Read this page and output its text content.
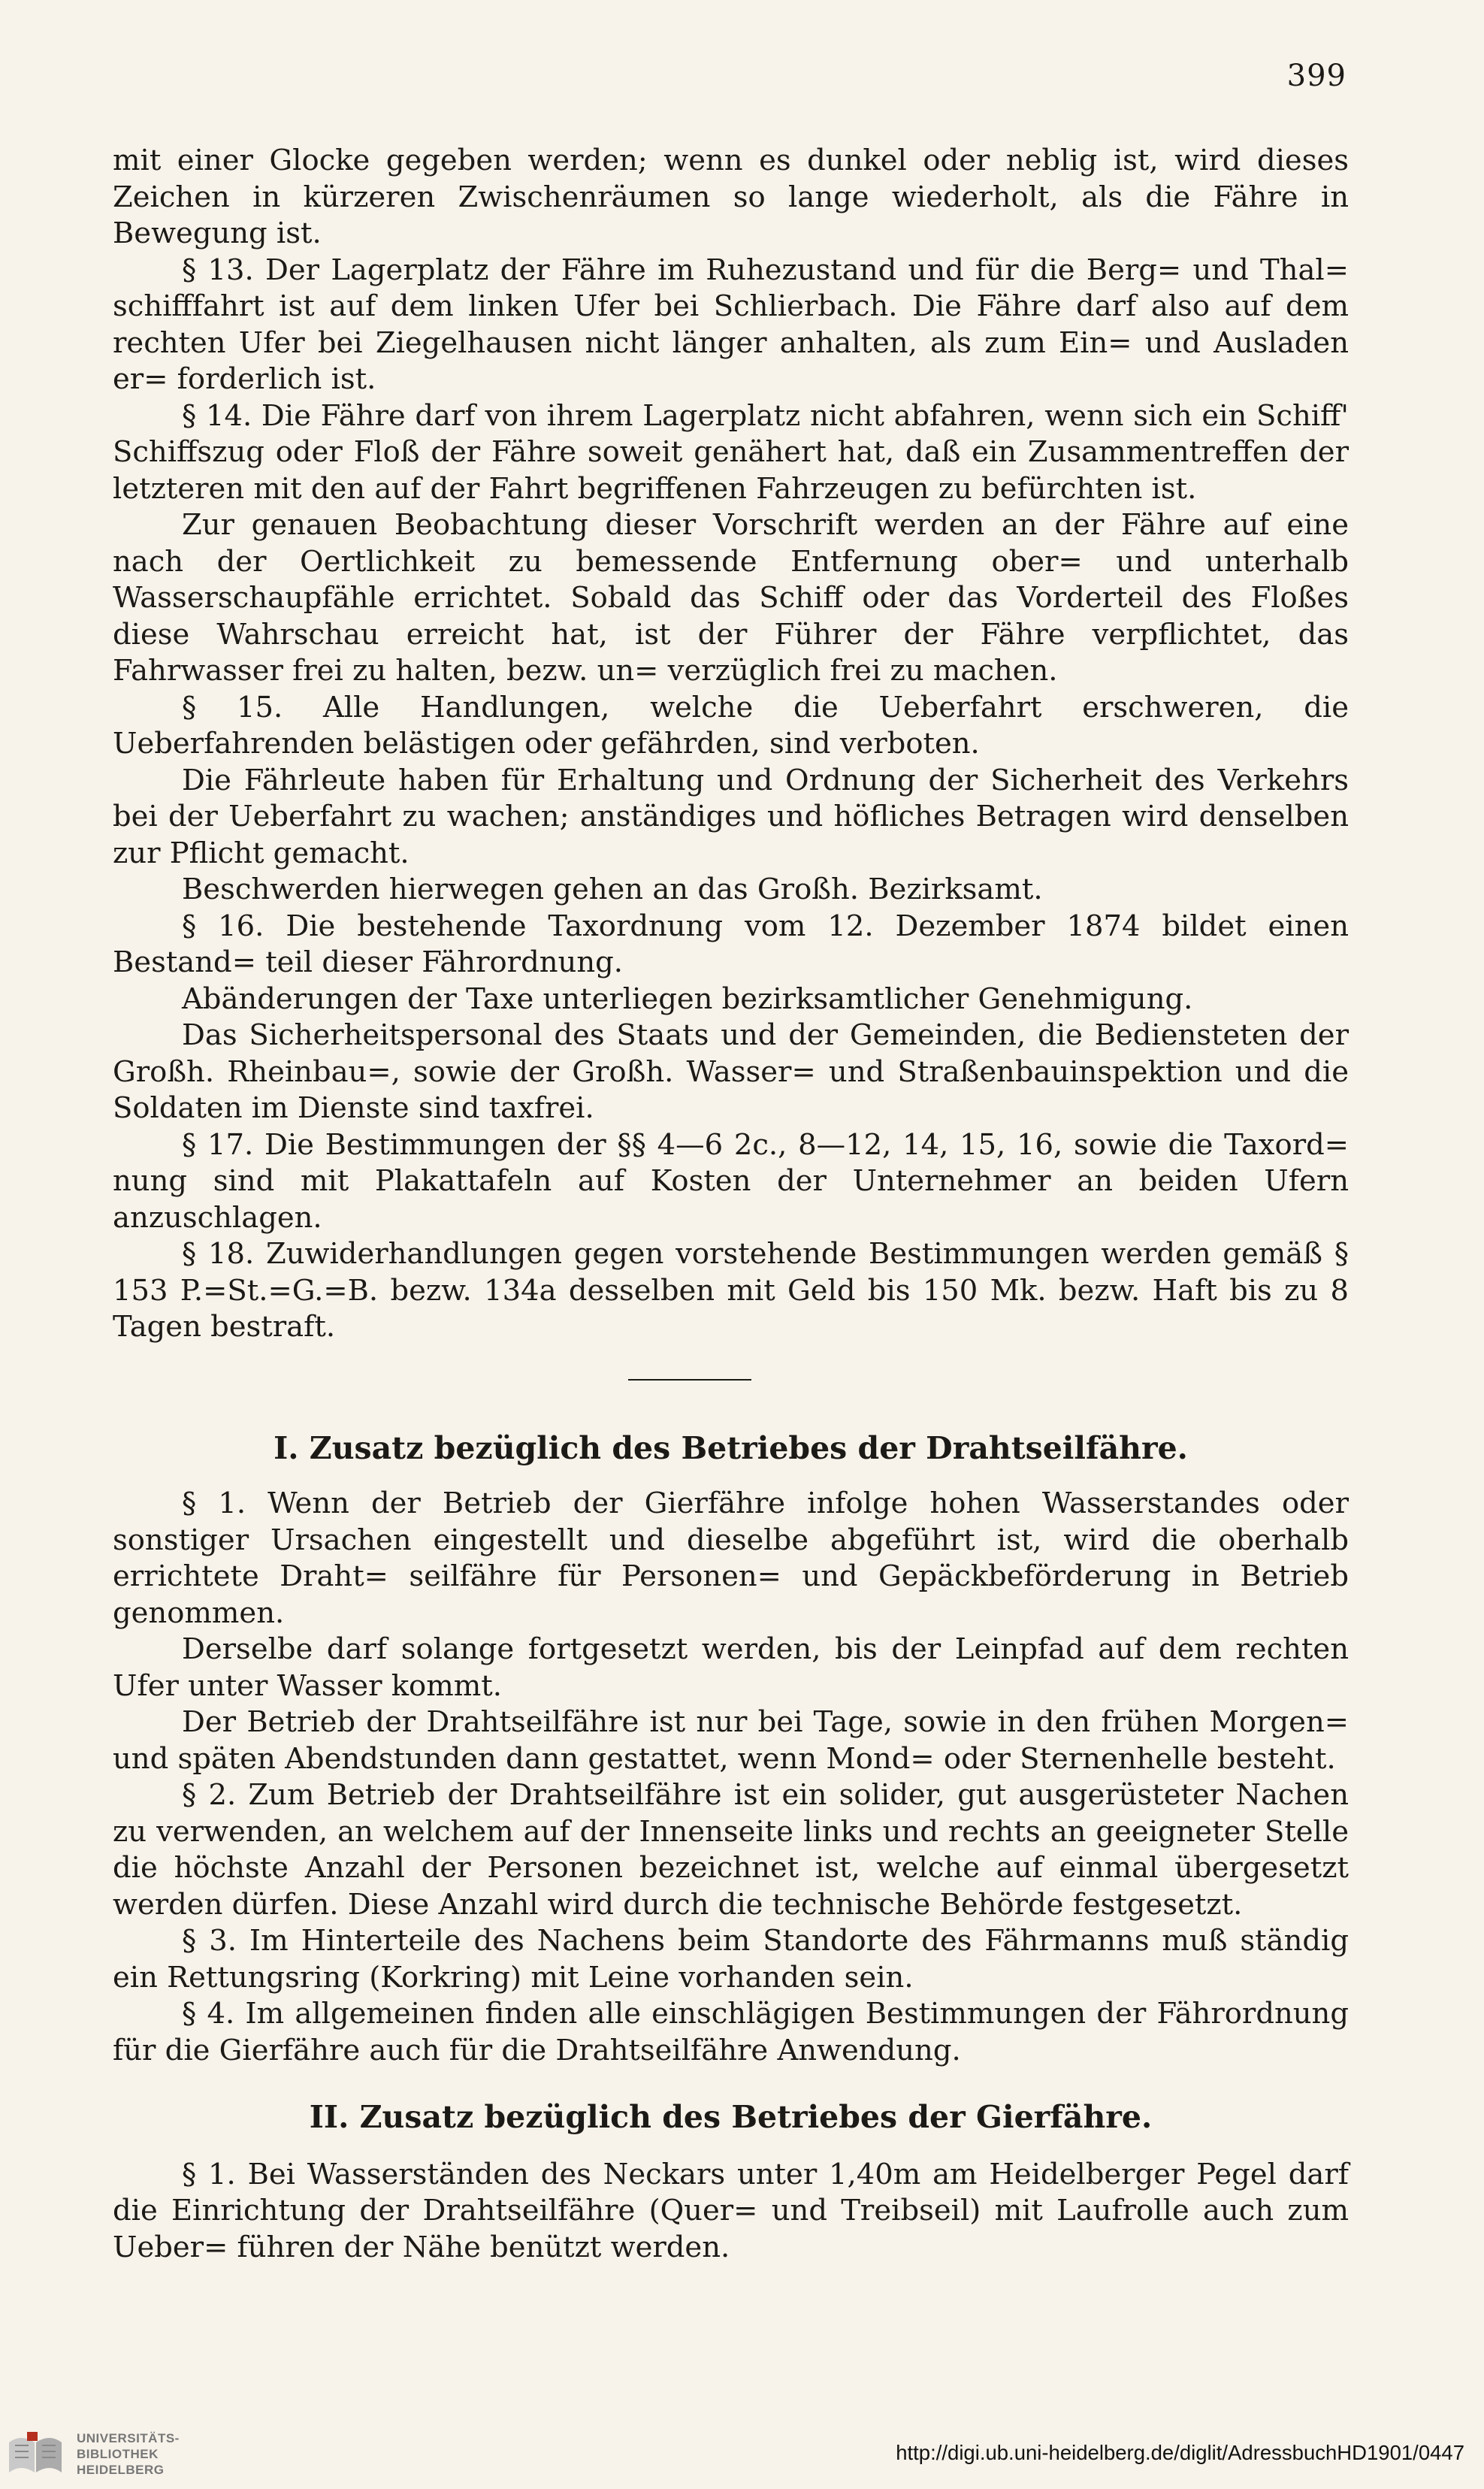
399

mit einer Glocke gegeben werden; wenn es dunkel oder neblig ist, wird dieses Zeichen in kürzeren Zwischenräumen so lange wiederholt, als die Fähre in Bewegung ist.

§ 13. Der Lagerplatz der Fähre im Ruhezustand und für die Berg= und Thal= schifffahrt ist auf dem linken Ufer bei Schlierbach. Die Fähre darf also auf dem rechten Ufer bei Ziegelhausen nicht länger anhalten, als zum Ein= und Ausladen er= forderlich ist.

§ 14. Die Fähre darf von ihrem Lagerplatz nicht abfahren, wenn sich ein Schiff' Schiffszug oder Floß der Fähre soweit genähert hat, daß ein Zusammentreffen der letzteren mit den auf der Fahrt begriffenen Fahrzeugen zu befürchten ist.

Zur genauen Beobachtung dieser Vorschrift werden an der Fähre auf eine nach der Oertlichkeit zu bemessende Entfernung ober= und unterhalb Wasserschaupfähle errichtet. Sobald das Schiff oder das Vorderteil des Floßes diese Wahrschau erreicht hat, ist der Führer der Fähre verpflichtet, das Fahrwasser frei zu halten, bezw. un= verzüglich frei zu machen.

§ 15. Alle Handlungen, welche die Ueberfahrt erschweren, die Ueberfahrenden belästigen oder gefährden, sind verboten.

Die Fährleute haben für Erhaltung und Ordnung der Sicherheit des Verkehrs bei der Ueberfahrt zu wachen; anständiges und höfliches Betragen wird denselben zur Pflicht gemacht.

Beschwerden hierwegen gehen an das Großh. Bezirksamt.

§ 16. Die bestehende Taxordnung vom 12. Dezember 1874 bildet einen Bestand= teil dieser Fährordnung.

Abänderungen der Taxe unterliegen bezirksamtlicher Genehmigung.

Das Sicherheitspersonal des Staats und der Gemeinden, die Bediensteten der Großh. Rheinbau=, sowie der Großh. Wasser= und Straßenbauinspektion und die Soldaten im Dienste sind taxfrei.

§ 17. Die Bestimmungen der §§ 4—6 2c., 8—12, 14, 15, 16, sowie die Taxord= nung sind mit Plakattafeln auf Kosten der Unternehmer an beiden Ufern anzuschlagen.

§ 18. Zuwiderhandlungen gegen vorstehende Bestimmungen werden gemäß § 153 P.=St.=G.=B. bezw. 134a desselben mit Geld bis 150 Mk. bezw. Haft bis zu 8 Tagen bestraft.

I. Zusatz bezüglich des Betriebes der Drahtseilfähre.

§ 1. Wenn der Betrieb der Gierfähre infolge hohen Wasserstandes oder sonstiger Ursachen eingestellt und dieselbe abgeführt ist, wird die oberhalb errichtete Draht= seilfähre für Personen= und Gepäckbeförderung in Betrieb genommen.

Derselbe darf solange fortgesetzt werden, bis der Leinpfad auf dem rechten Ufer unter Wasser kommt.

Der Betrieb der Drahtseilfähre ist nur bei Tage, sowie in den frühen Morgen= und späten Abendstunden dann gestattet, wenn Mond= oder Sternenhelle besteht.

§ 2. Zum Betrieb der Drahtseilfähre ist ein solider, gut ausgerüsteter Nachen zu verwenden, an welchem auf der Innenseite links und rechts an geeigneter Stelle die höchste Anzahl der Personen bezeichnet ist, welche auf einmal übergesetzt werden dürfen. Diese Anzahl wird durch die technische Behörde festgesetzt.

§ 3. Im Hinterteile des Nachens beim Standorte des Fährmanns muß ständig ein Rettungsring (Korkring) mit Leine vorhanden sein.

§ 4. Im allgemeinen finden alle einschlägigen Bestimmungen der Fährordnung für die Gierfähre auch für die Drahtseilfähre Anwendung.

II. Zusatz bezüglich des Betriebes der Gierfähre.

§ 1. Bei Wasserständen des Neckars unter 1,40m am Heidelberger Pegel darf die Einrichtung der Drahtseilfähre (Quer= und Treibseil) mit Laufrolle auch zum Ueber= führen der Nähe benützt werden.

UNIVERSITÄTS-
BIBLIOTHEK
HEIDELBERG
http://digi.ub.uni-heidelberg.de/diglit/AdressbuchHD1901/0447
